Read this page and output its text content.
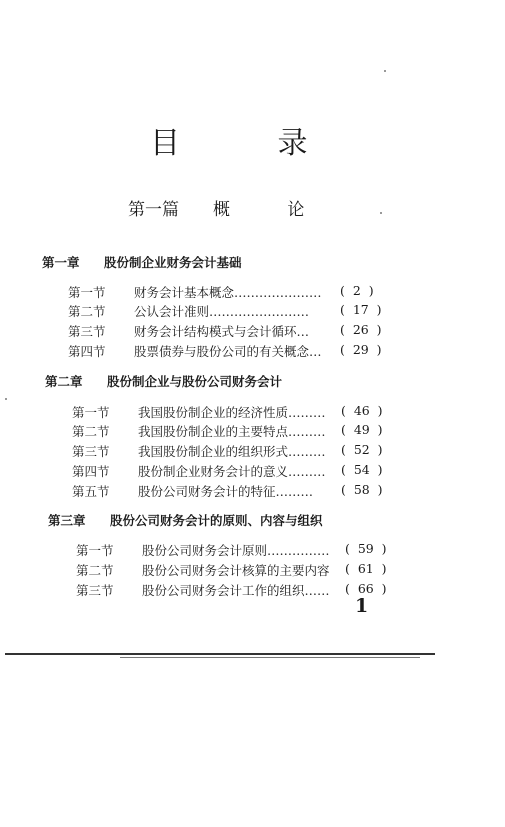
目 录
第一篇 概 论
第一章 股份制企业财务会计基础
第一节	财务会计基本概念………………… (  2  )
第二节	公认会计准则…………………… (  17  )
第三节	财务会计结构模式与会计循环… (  26  )
第四节	股票债券与股份公司的有关概念… (  29  )
第二章 股份制企业与股份公司财务会计
第一节	我国股份制企业的经济性质……… (  46  )
第二节	我国股份制企业的主要特点……… (  49  )
第三节	我国股份制企业的组织形式……… (  52  )
第四节	股份制企业财务会计的意义……… (  54  )
第五节	股份公司财务会计的特征……… (  58  )
第三章 股份公司财务会计的原则、内容与组织
第一节	股份公司财务会计原则…………… (  59  )
第二节	股份公司财务会计核算的主要内容 (  61  )
第三节	股份公司财务会计工作的组织…… (  66  )
1
